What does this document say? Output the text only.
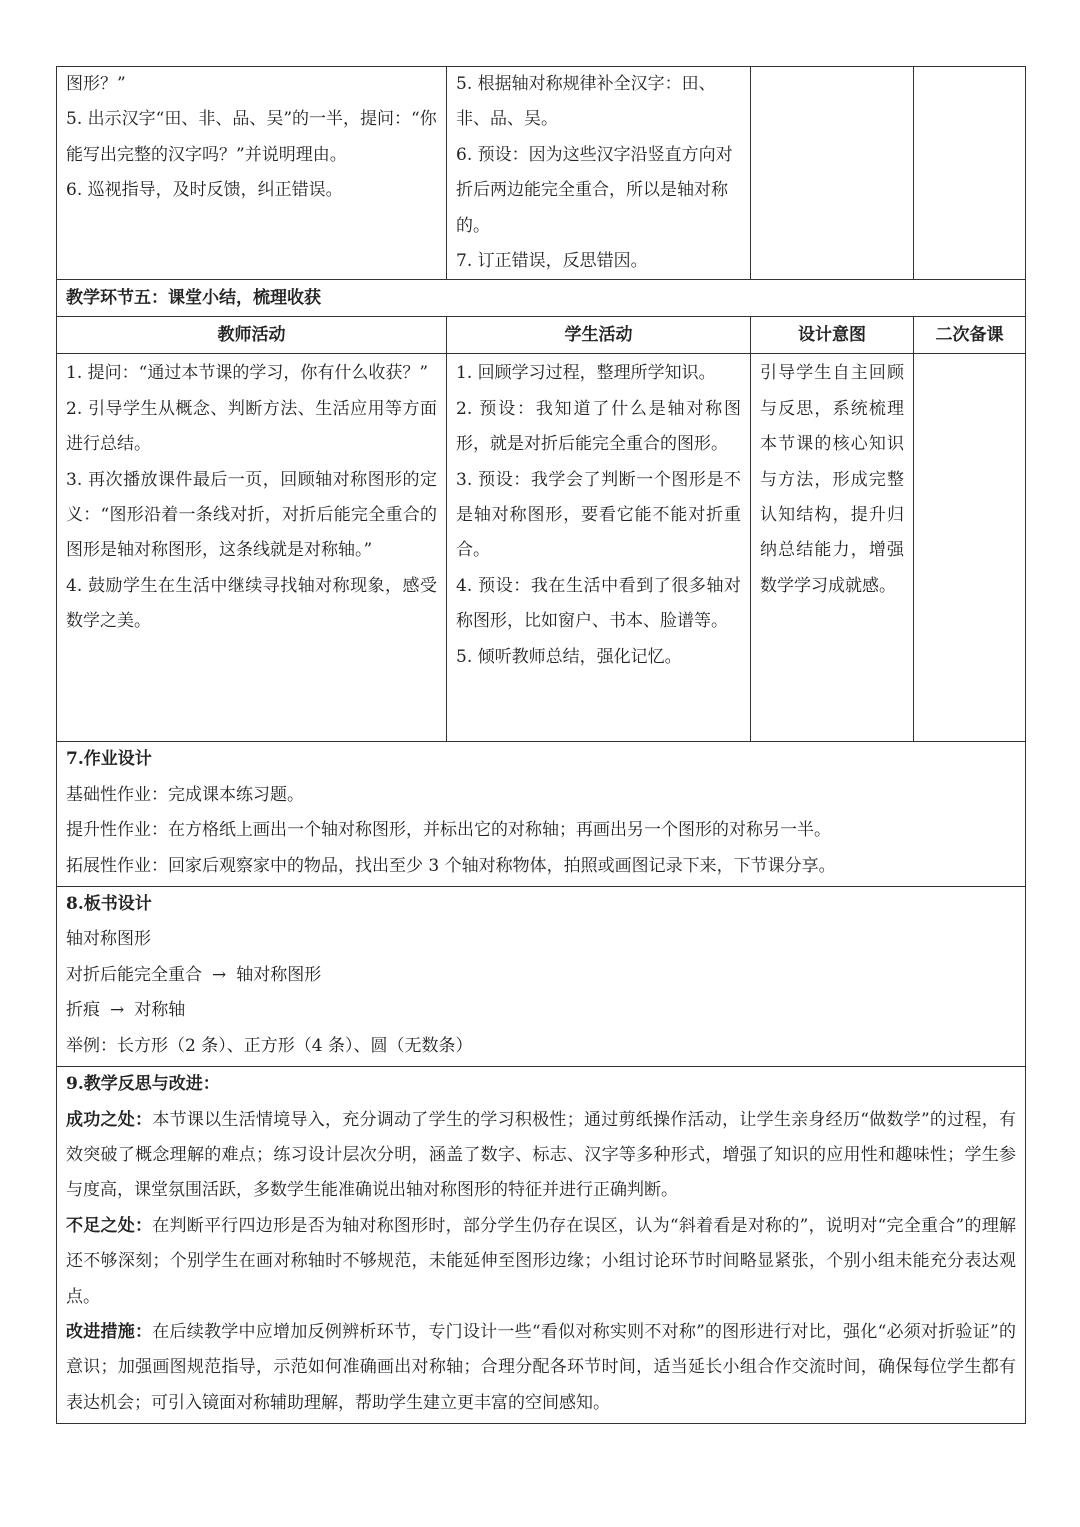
图形？”
5. 出示汉字“田、非、品、吴”的一半，提问：“你能写出完整的汉字吗？”并说明理由。
6. 巡视指导，及时反馈，纠正错误。	5. 根据轴对称规律补全汉字：田、非、品、吴。
6. 预设：因为这些汉字沿竖直方向对折后两边能完全重合，所以是轴对称的。
7. 订正错误，反思错因。		

教学环节五：课堂小结，梳理收获			
教师活动	学生活动	设计意图	二次备课

1. 提问：“通过本节课的学习，你有什么收获？”
2. 引导学生从概念、判断方法、生活应用等方面进行总结。
3. 再次播放课件最后一页，回顾轴对称图形的定义：“图形沿着一条线对折，对折后能完全重合的图形是轴对称图形，这条线就是对称轴。”
4. 鼓励学生在生活中继续寻找轴对称现象，感受数学之美。	1. 回顾学习过程，整理所学知识。
2. 预设：我知道了什么是轴对称图形，就是对折后能完全重合的图形。
3. 预设：我学会了判断一个图形是不是轴对称图形，要看它能不能对折重合。
4. 预设：我在生活中看到了很多轴对称图形，比如窗户、书本、脸谱等。
5. 倾听教师总结，强化记忆。	引导学生自主回顾与反思，系统梳理本节课的核心知识与方法，形成完整认知结构，提升归纳总结能力，增强数学学习成就感。	

7.作业设计
基础性作业：完成课本练习题。
提升性作业：在方格纸上画出一个轴对称图形，并标出它的对称轴；再画出另一个图形的对称另一半。
拓展性作业：回家后观察家中的物品，找出至少 3 个轴对称物体，拍照或画图记录下来，下节课分享。			

8.板书设计
轴对称图形
对折后能完全重合 → 轴对称图形
折痕 → 对称轴
举例：长方形（2 条）、正方形（4 条）、圆（无数条）			

9.教学反思与改进：
成功之处：本节课以生活情境导入，充分调动了学生的学习积极性；通过剪纸操作活动，让学生亲身经历“做数学”的过程，有效突破了概念理解的难点；练习设计层次分明，涵盖了数字、标志、汉字等多种形式，增强了知识的应用性和趣味性；学生参与度高，课堂氛围活跃，多数学生能准确说出轴对称图形的特征并进行正确判断。
不足之处：在判断平行四边形是否为轴对称图形时，部分学生仍存在误区，认为“斜着看是对称的”，说明对“完全重合”的理解还不够深刻；个别学生在画对称轴时不够规范，未能延伸至图形边缘；小组讨论环节时间略显紧张，个别小组未能充分表达观点。
改进措施：在后续教学中应增加反例辨析环节，专门设计一些“看似对称实则不对称”的图形进行对比，强化“必须对折验证”的意识；加强画图规范指导，示范如何准确画出对称轴；合理分配各环节时间，适当延长小组合作交流时间，确保每位学生都有表达机会；可引入镜面对称辅助理解，帮助学生建立更丰富的空间感知。			
